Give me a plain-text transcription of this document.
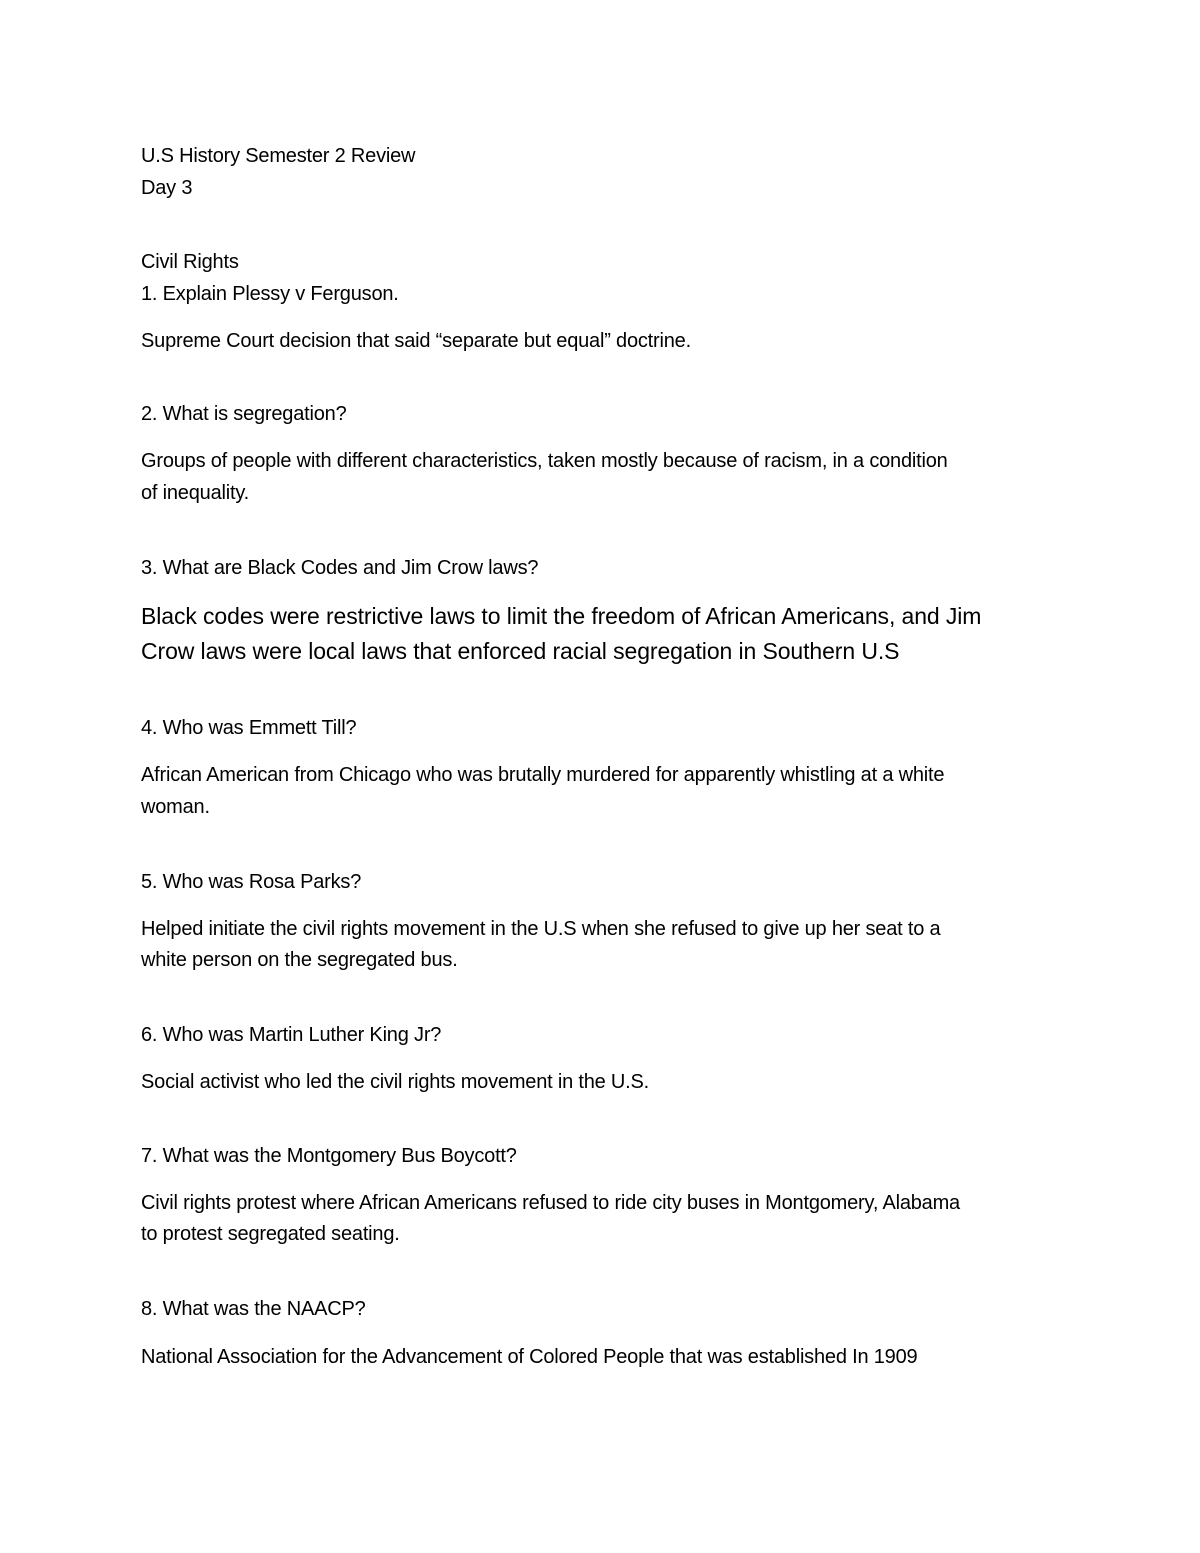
U.S History Semester 2 Review
Day 3
Civil Rights
1. Explain Plessy v Ferguson.
Supreme Court decision that said “separate but equal” doctrine.
2. What is segregation?
Groups of people with different characteristics, taken mostly because of racism, in a condition
of inequality.
3. What are Black Codes and Jim Crow laws?
Black codes were restrictive laws to limit the freedom of African Americans, and Jim
Crow laws were local laws that enforced racial segregation in Southern U.S
4. Who was Emmett Till?
African American from Chicago who was brutally murdered for apparently whistling at a white
woman.
5. Who was Rosa Parks?
Helped initiate the civil rights movement in the U.S when she refused to give up her seat to a
white person on the segregated bus.
6. Who was Martin Luther King Jr?
Social activist who led the civil rights movement in the U.S.
7. What was the Montgomery Bus Boycott?
Civil rights protest where African Americans refused to ride city buses in Montgomery, Alabama
to protest segregated seating.
8. What was the NAACP?
National Association for the Advancement of Colored People that was established In 1909
